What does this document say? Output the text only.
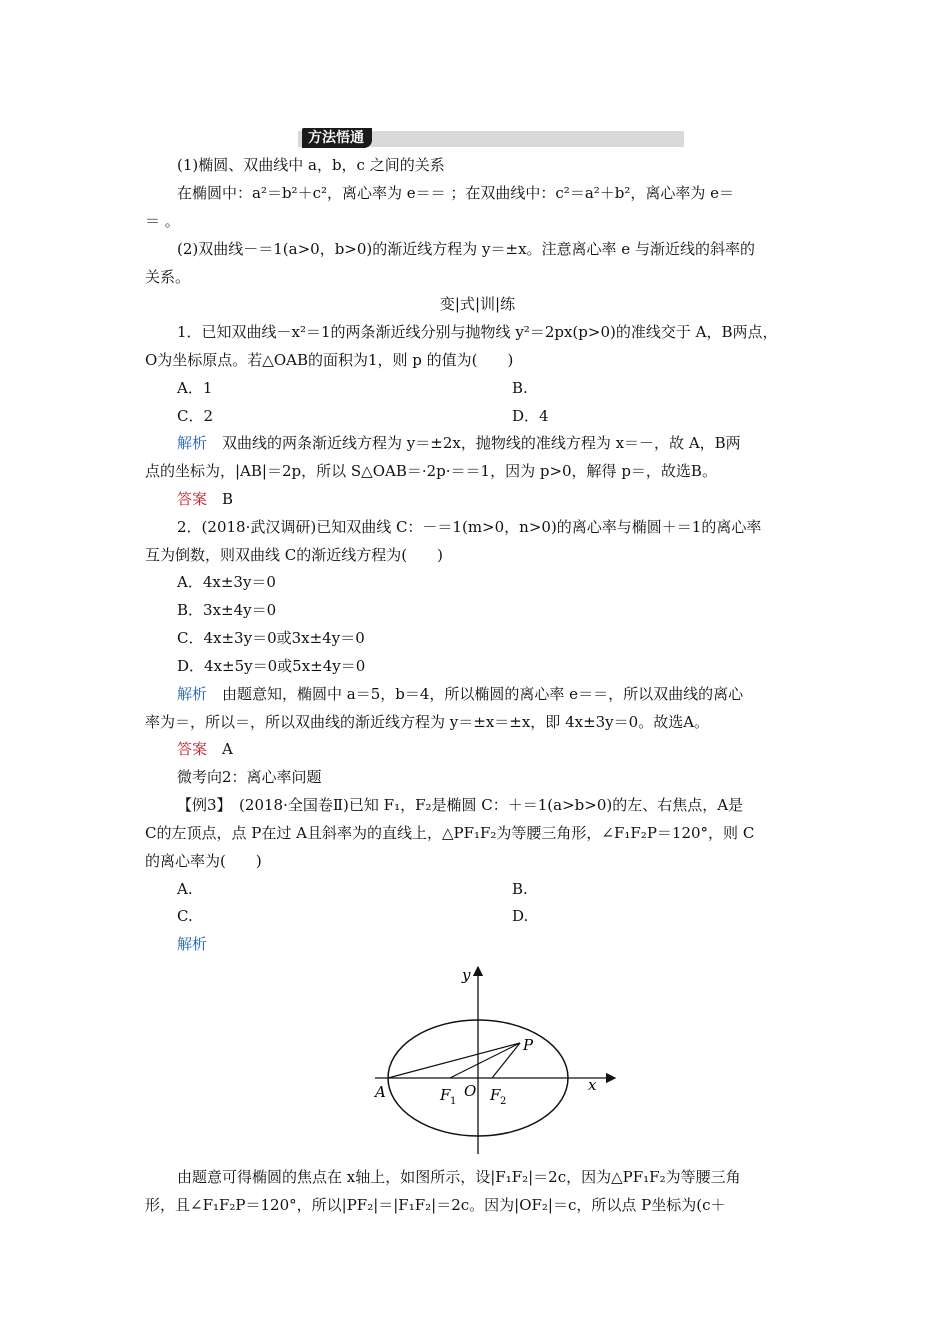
方法悟通
(1)椭圆、双曲线中 a，b，c 之间的关系
在椭圆中：a²＝b²＋c²，离心率为 e＝＝ ；在双曲线中：c²＝a²＋b²，离心率为 e＝
＝ 。
(2)双曲线－＝1(a>0，b>0)的渐近线方程为 y＝±x。注意离心率 e 与渐近线的斜率的
关系。
变|式|训|练
1．已知双曲线－x²＝1的两条渐近线分别与抛物线 y²＝2px(p>0)的准线交于 A，B两点，
O为坐标原点。若△OAB的面积为1，则 p 的值为(　　)
A．1	B.
C．2	D．4
解析　双曲线的两条渐近线方程为 y＝±2x，抛物线的准线方程为 x＝－，故 A，B两
点的坐标为，|AB|＝2p，所以 S△OAB＝·2p·＝＝1，因为 p>0，解得 p＝，故选B。
答案　B
2．(2018·武汉调研)已知双曲线 C：－＝1(m>0，n>0)的离心率与椭圆＋＝1的离心率
互为倒数，则双曲线 C的渐近线方程为(　　)
A．4x±3y＝0
B．3x±4y＝0
C．4x±3y＝0或3x±4y＝0
D．4x±5y＝0或5x±4y＝0
解析　由题意知，椭圆中 a＝5，b＝4，所以椭圆的离心率 e＝＝，所以双曲线的离心
率为＝，所以＝，所以双曲线的渐近线方程为 y＝±x＝±x，即 4x±3y＝0。故选A。
答案　A
微考向2：离心率问题
【例3】　(2018·全国卷Ⅱ)已知 F₁，F₂是椭圆 C：＋＝1(a>b>0)的左、右焦点，A是
C的左顶点，点 P在过 A且斜率为的直线上，△PF₁F₂为等腰三角形，∠F₁F₂P＝120°，则 C
的离心率为(　　)
A.	B.
C.	D.
解析
y
x
A	O
P
F 1 F 2
由题意可得椭圆的焦点在 x轴上，如图所示，设|F₁F₂|＝2c，因为△PF₁F₂为等腰三角
形，且∠F₁F₂P＝120°，所以|PF₂|＝|F₁F₂|＝2c。因为|OF₂|＝c，所以点 P坐标为(c＋
